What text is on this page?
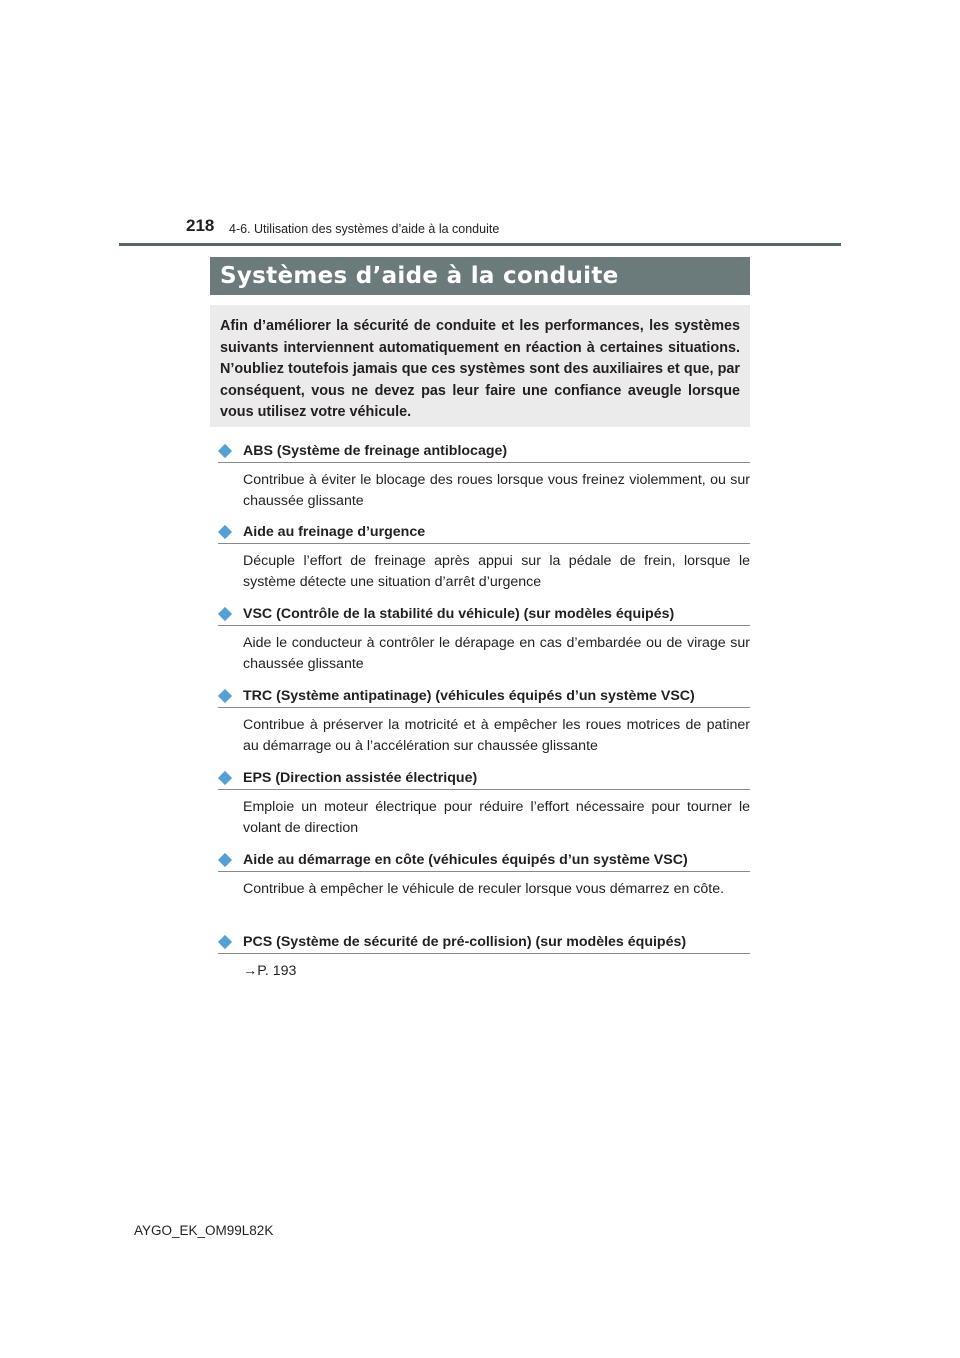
218 4-6. Utilisation des systèmes d’aide à la conduite
Systèmes d’aide à la conduite
Afin d’améliorer la sécurité de conduite et les performances, les systèmes suivants interviennent automatiquement en réaction à certaines situations. N’oubliez toutefois jamais que ces systèmes sont des auxiliaires et que, par conséquent, vous ne devez pas leur faire une confiance aveugle lorsque vous utilisez votre véhicule.
ABS (Système de freinage antiblocage)
Contribue à éviter le blocage des roues lorsque vous freinez violemment, ou sur chaussée glissante
Aide au freinage d’urgence
Décuple l’effort de freinage après appui sur la pédale de frein, lorsque le système détecte une situation d’arrêt d’urgence
VSC (Contrôle de la stabilité du véhicule) (sur modèles équipés)
Aide le conducteur à contrôler le dérapage en cas d’embardée ou de virage sur chaussée glissante
TRC (Système antipatinage) (véhicules équipés d’un système VSC)
Contribue à préserver la motricité et à empêcher les roues motrices de patiner au démarrage ou à l’accélération sur chaussée glissante
EPS (Direction assistée électrique)
Emploie un moteur électrique pour réduire l’effort nécessaire pour tourner le volant de direction
Aide au démarrage en côte (véhicules équipés d’un système VSC)
Contribue à empêcher le véhicule de reculer lorsque vous démarrez en côte.
PCS (Système de sécurité de pré-collision) (sur modèles équipés)
→P. 193
AYGO_EK_OM99L82K
